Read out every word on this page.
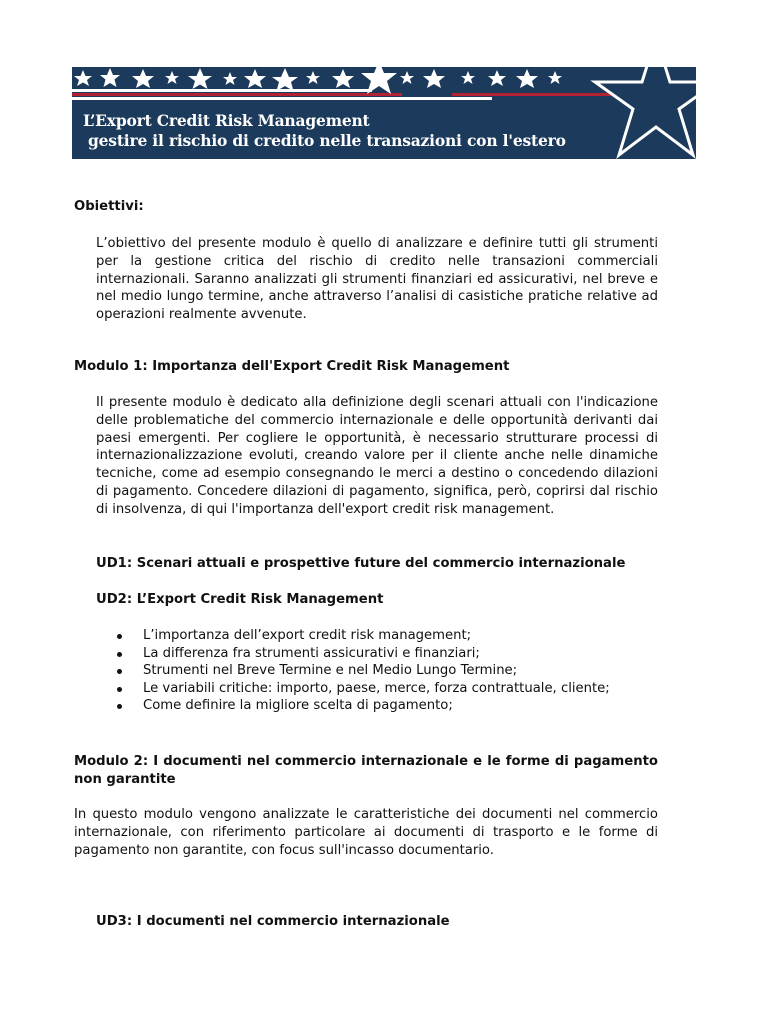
L’Export Credit Risk Management
gestire il rischio di credito nelle transazioni con l'estero
Obiettivi:

L’obiettivo del presente modulo è quello di analizzare e definire tutti gli strumenti per la gestione critica del rischio di credito nelle transazioni commerciali internazionali. Saranno analizzati gli strumenti finanziari ed assicurativi, nel breve e nel medio lungo termine, anche attraverso l’analisi di casistiche pratiche relative ad operazioni realmente avvenute.

Modulo 1: Importanza dell'Export Credit Risk Management

Il presente modulo è dedicato alla definizione degli scenari attuali con l'indicazione delle problematiche del commercio internazionale e delle opportunità derivanti dai paesi emergenti. Per cogliere le opportunità, è necessario strutturare processi di internazionalizzazione evoluti, creando valore per il cliente anche nelle dinamiche tecniche, come ad esempio consegnando le merci a destino o concedendo dilazioni di pagamento. Concedere dilazioni di pagamento, significa, però, coprirsi dal rischio di insolvenza, di qui l'importanza dell'export credit risk management.

UD1: Scenari attuali e prospettive future del commercio internazionale
UD2: L’Export Credit Risk Management
L’importanza dell’export credit risk management;
La differenza fra strumenti assicurativi e finanziari;
Strumenti nel Breve Termine e nel Medio Lungo Termine;
Le variabili critiche: importo, paese, merce, forza contrattuale, cliente;
Come definire la migliore scelta di pagamento;

Modulo 2: I documenti nel commercio internazionale e le forme di pagamento non garantite

In questo modulo vengono analizzate le caratteristiche dei documenti nel commercio internazionale, con riferimento particolare ai documenti di trasporto e le forme di pagamento non garantite, con focus sull'incasso documentario.

UD3: I documenti nel commercio internazionale
